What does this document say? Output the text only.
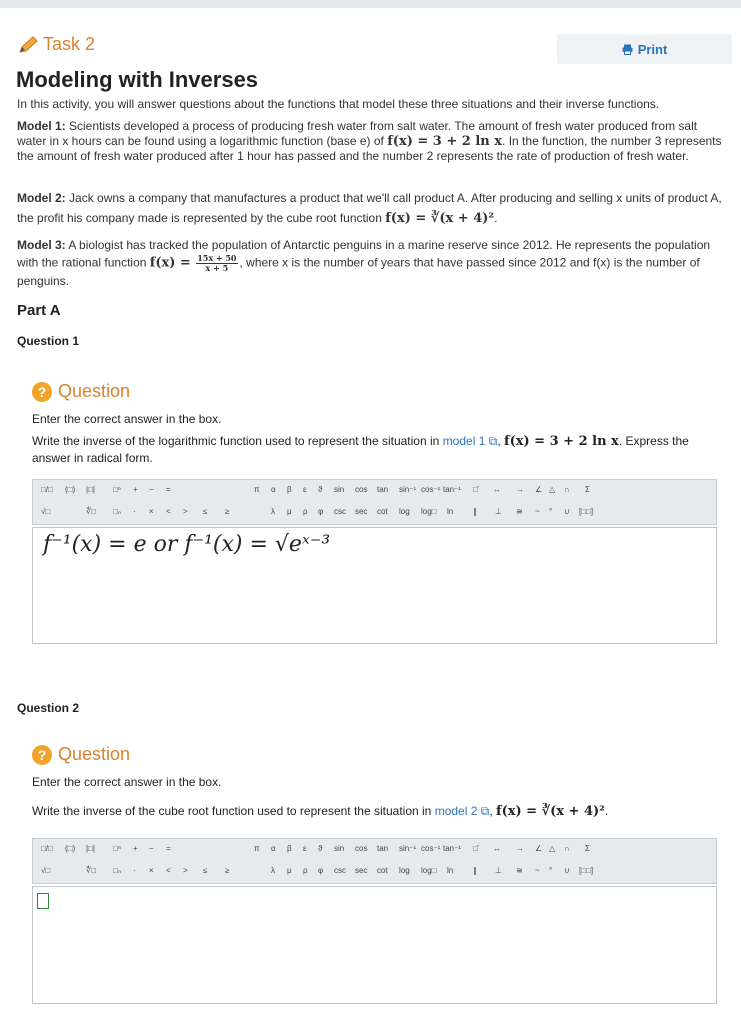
Task 2	Print
Modeling with Inverses
In this activity, you will answer questions about the functions that model these three situations and their inverse functions.
Model 1: Scientists developed a process of producing fresh water from salt water. The amount of fresh water produced from salt water in x hours can be found using a logarithmic function (base e) of f(x) = 3 + 2 ln x. In the function, the number 3 represents the amount of fresh water produced after 1 hour has passed and the number 2 represents the rate of production of fresh water.
Model 2: Jack owns a company that manufactures a product that we'll call product A. After producing and selling x units of product A, the profit his company made is represented by the cube root function f(x) = ∛(x + 4)².
Model 3: A biologist has tracked the population of Antarctic penguins in a marine reserve since 2012. He represents the population with the rational function $f(x) = \frac{15x + 50}{x + 5}$ , where x is the number of years that have passed since 2012 and f(x) is the number of penguins.
Part A
Question 1
? Question
Enter the correct answer in the box.
Write the inverse of the logarithmic function used to represent the situation in model 1 ⧉, f(x) = 3 + 2 ln x. Express the answer in radical form.
□/□ (□) |□| □ⁿ + − =	π α β ε ϑ sin cos tan sin⁻¹ cos⁻¹ tan⁻¹ □̄ ↔ → ∠ △ ∩ Σ
√□	∜□ □ₙ · × < > ≤ ≥	λ μ ρ φ csc sec cot log log□ ln ∥ ⊥ ≅ ~ ° ∪ [□□]
f⁻¹(x) = e or f⁻¹(x) = √eˣ⁻³
Question 2
? Question
Enter the correct answer in the box.
Write the inverse of the cube root function used to represent the situation in model 2 ⧉, f(x) = ∛(x + 4)².
□/□ (□) |□| □ⁿ + − =	π α β ε ϑ sin cos tan sin⁻¹ cos⁻¹ tan⁻¹ □̄ ↔ → ∠ △ ∩ Σ
√□	∜□ □ₙ · × < > ≤ ≥	λ μ ρ φ csc sec cot log log□ ln ∥ ⊥ ≅ ~ ° ∪ [□□]
